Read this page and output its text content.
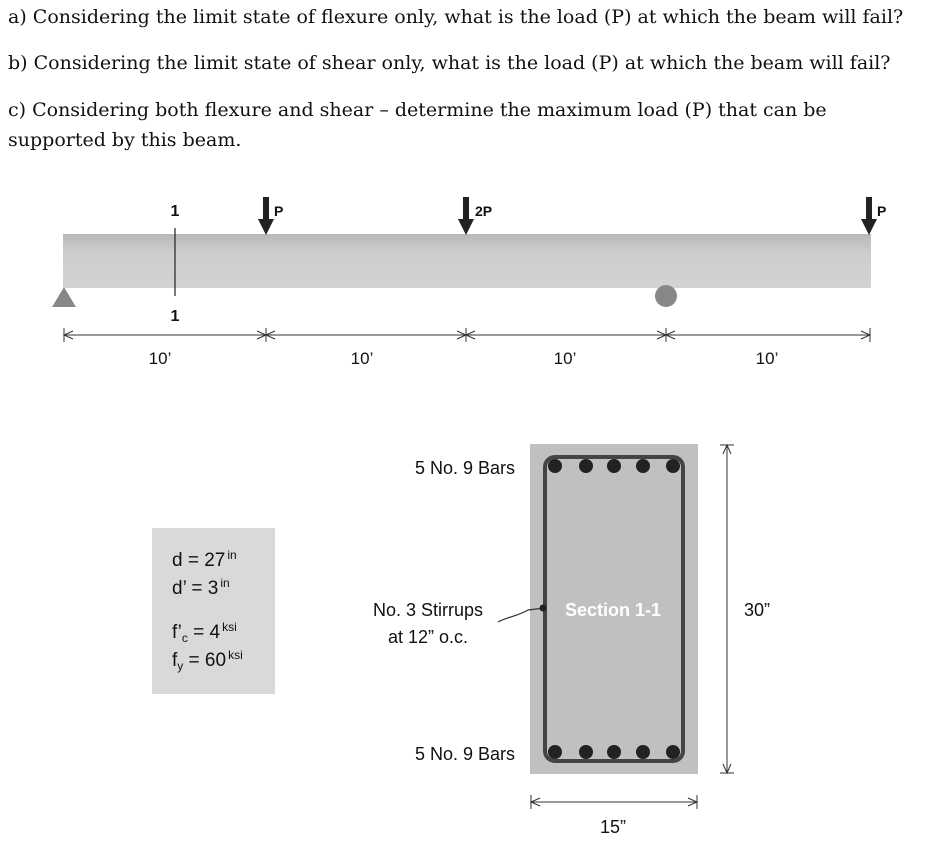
a) Considering the limit state of flexure only, what is the load (P) at which the beam will fail?
b) Considering the limit state of shear only, what is the load (P) at which the beam will fail?
c) Considering both flexure and shear – determine the maximum load (P) that can be supported by this beam.
1
1
P	2P	P
10’	10’	10’	10’
5 No. 9 Bars
5 No. 9 Bars
No. 3 Stirrups
at 12” o.c.
Section 1-1	30”
15”
d = 27 $^{in}$
d’ = 3 $^{in}$
$f’_c = 4$ $^{ksi}$
$f_y = 60$ $^{ksi}$
